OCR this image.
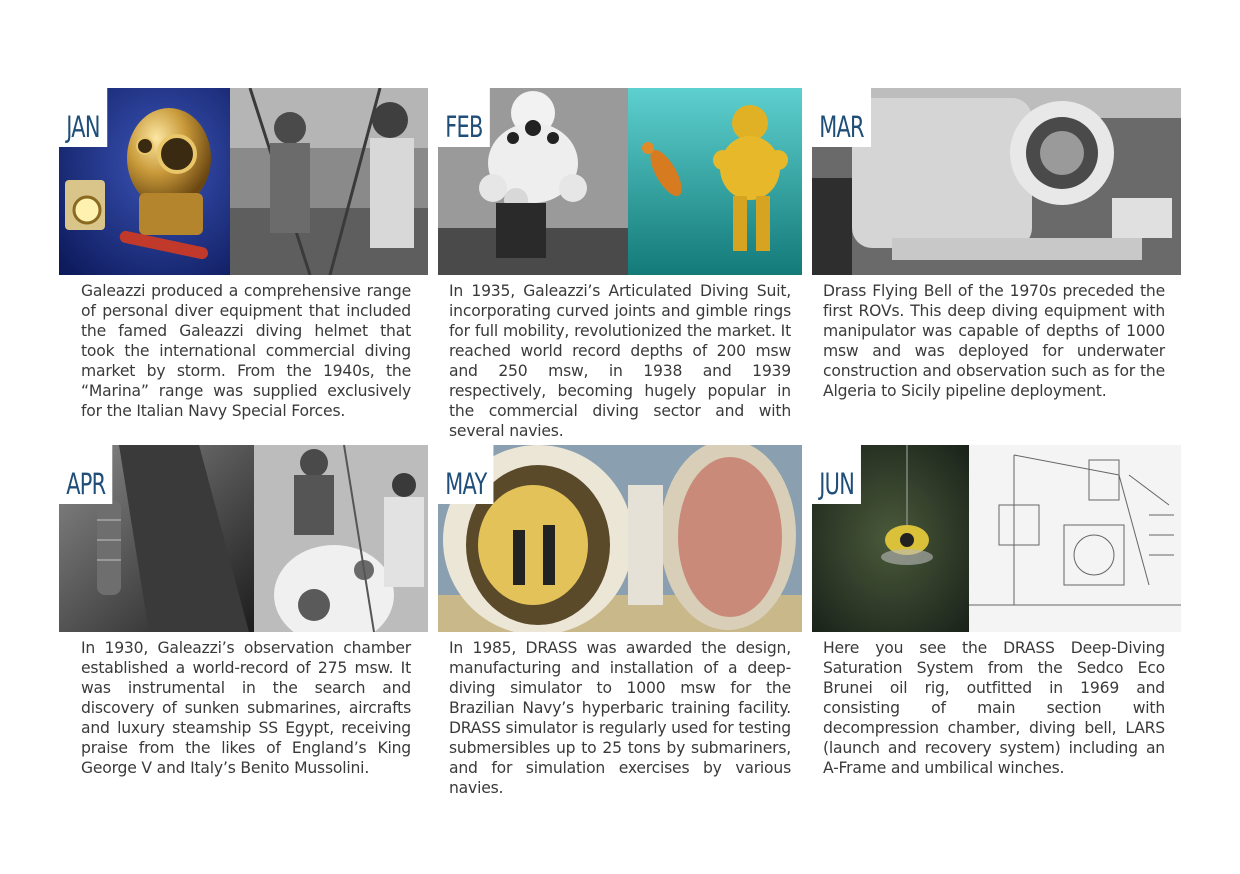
JAN
Galeazzi produced a comprehensive range of personal diver equipment that included the famed Galeazzi diving helmet that took the international commercial diving market by storm. From the 1940s, the “Marina” range was supplied exclusively for the Italian Navy Special Forces.
FEB
In 1935, Galeazzi’s Articulated Diving Suit, incorporating curved joints and gimble rings for full mobility, revolutionized the market. It reached world record depths of 200 msw and 250 msw, in 1938 and 1939 respectively, becoming hugely popular in the commercial diving sector and with several navies.
MAR
Drass Flying Bell of the 1970s preceded the first ROVs. This deep diving equipment with manipulator was capable of depths of 1000 msw and was deployed for underwater construction and observation such as for the Algeria to Sicily pipeline deployment.
APR
In 1930, Galeazzi’s observation chamber established a world-record of 275 msw. It was instrumental in the search and discovery of sunken submarines, aircrafts and luxury steamship SS Egypt, receiving praise from the likes of England’s King George V and Italy’s Benito Mussolini.
MAY
In 1985, DRASS was awarded the design, manufacturing and installation of a deep-diving simulator to 1000 msw for the Brazilian Navy’s hyperbaric training facility. DRASS simulator is regularly used for testing submersibles up to 25 tons by submariners, and for simulation exercises by various navies.
JUN
Here you see the DRASS Deep-Diving Saturation System from the Sedco Eco Brunei oil rig, outfitted in 1969 and consisting of main section with decompression chamber, diving bell, LARS (launch and recovery system) including an A-Frame and umbilical winches.
